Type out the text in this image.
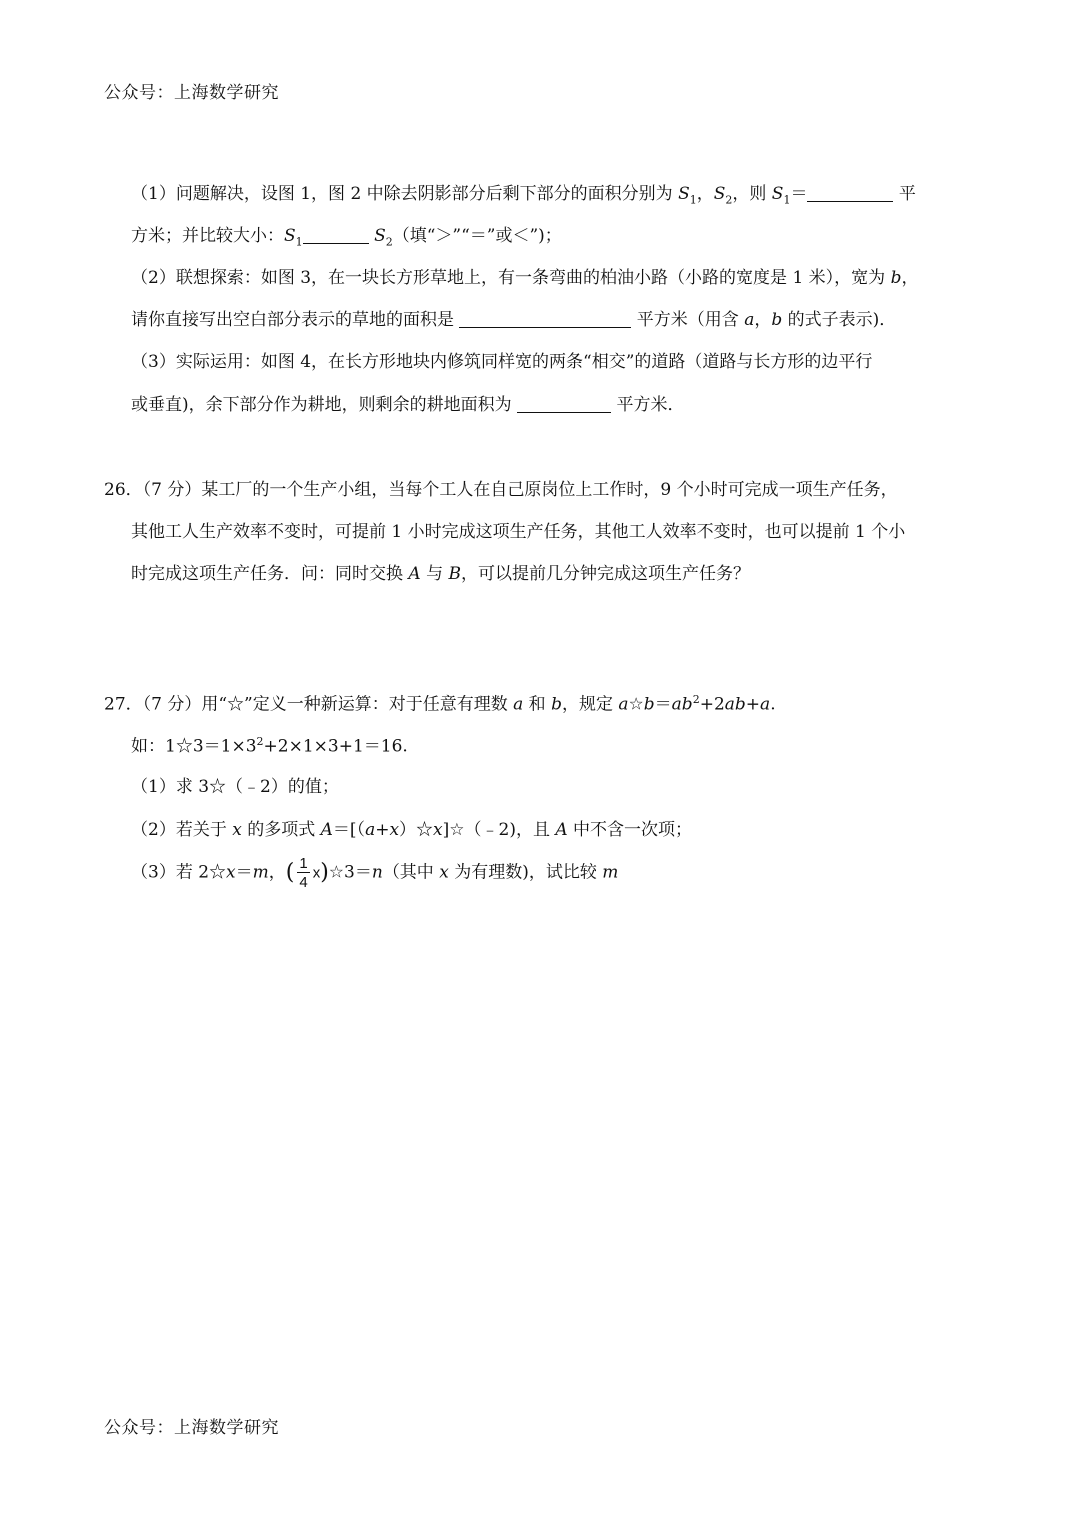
公众号：上海数学研究
（1）问题解决，设图 1，图 2 中除去阴影部分后剩下部分的面积分别为 $S_1$，$S_2$，则 $S_1=$	平
方米；并比较大小：$S_1$	$S_2$（填“＞”“＝”或＜”)；
（2）联想探索：如图 3，在一块长方形草地上，有一条弯曲的柏油小路（小路的宽度是 1 米），宽为 b，
请你直接写出空白部分表示的草地的面积是	平方米（用含 a，b 的式子表示)．
（3）实际运用：如图 4，在长方形地块内修筑同样宽的两条“相交”的道路（道路与长方形的边平行
或垂直)，余下部分作为耕地，则剩余的耕地面积为	平方米．
26．（7 分）某工厂的一个生产小组，当每个工人在自己原岗位上工作时，9 个小时可完成一项生产任务，
其他工人生产效率不变时，可提前 1 小时完成这项生产任务，其他工人效率不变时，也可以提前 1 个小
时完成这项生产任务．问：同时交换 A 与 B，可以提前几分钟完成这项生产任务？
27．（7 分）用“☆”定义一种新运算：对于任意有理数 a 和 b，规定 $a☆b=ab^2+2ab+a$.
如：$1☆3=1\times 3^2+2\times 1\times 3+1=16$.
（1）求 3☆（﹣2）的值；
（2）若关于 x 的多项式 A＝[（a+x）☆x]☆（﹣2)，且 A 中不含一次项；
（3）若 2☆x＝m，( $\frac{1}{4}$ x)☆3＝n（其中 x 为有理数)，试比较 m
公众号：上海数学研究
